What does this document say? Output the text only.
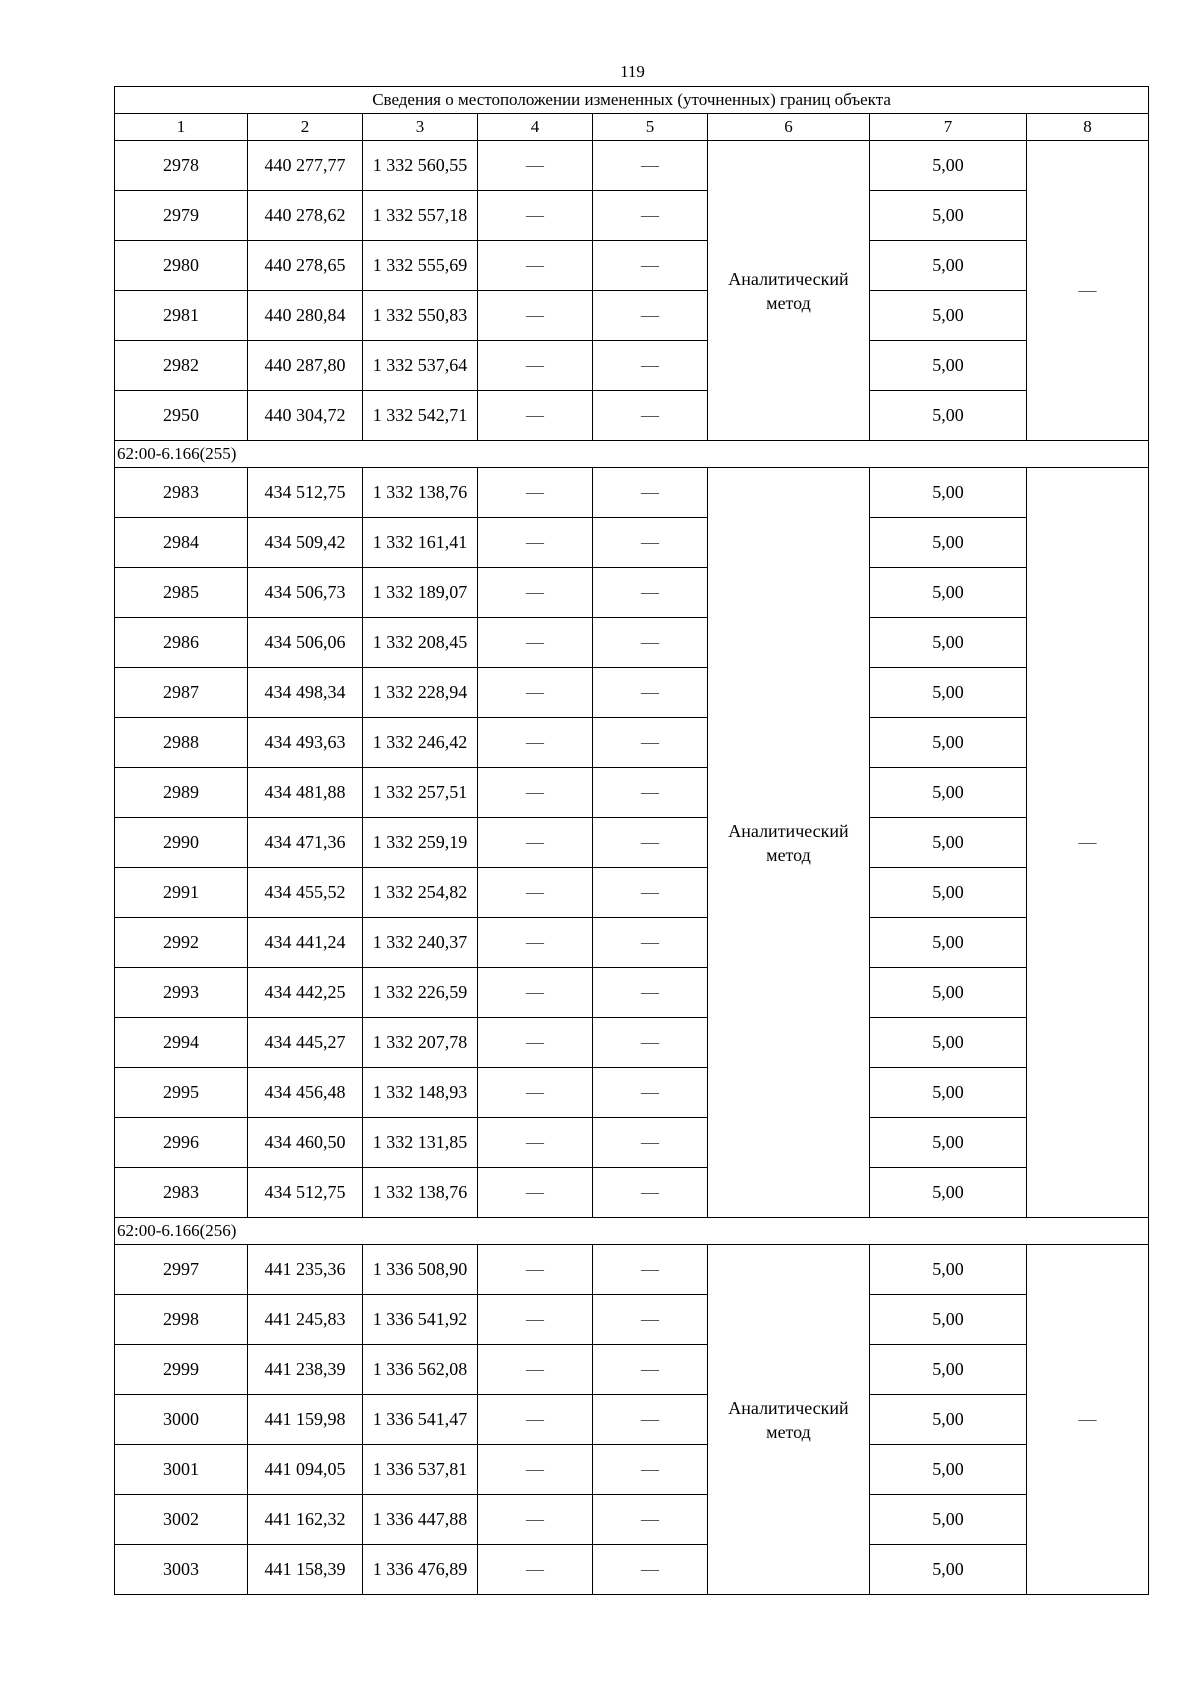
119
Сведения о местоположении измененных (уточненных) границ объекта							
1	2	3	4	5	6	7	8
2978	440 277,77	1 332 560,55	—	—	Аналитический метод	5,00	—
2979	440 278,62	1 332 557,18	—	—		5,00	
2980	440 278,65	1 332 555,69	—	—		5,00	
2981	440 280,84	1 332 550,83	—	—		5,00	
2982	440 287,80	1 332 537,64	—	—		5,00	
2950	440 304,72	1 332 542,71	—	—		5,00	
62:00-6.166(255)							
2983	434 512,75	1 332 138,76	—	—	Аналитический метод	5,00	—
2984	434 509,42	1 332 161,41	—	—		5,00	
2985	434 506,73	1 332 189,07	—	—		5,00	
2986	434 506,06	1 332 208,45	—	—		5,00	
2987	434 498,34	1 332 228,94	—	—		5,00	
2988	434 493,63	1 332 246,42	—	—		5,00	
2989	434 481,88	1 332 257,51	—	—		5,00	
2990	434 471,36	1 332 259,19	—	—		5,00	
2991	434 455,52	1 332 254,82	—	—		5,00	
2992	434 441,24	1 332 240,37	—	—		5,00	
2993	434 442,25	1 332 226,59	—	—		5,00	
2994	434 445,27	1 332 207,78	—	—		5,00	
2995	434 456,48	1 332 148,93	—	—		5,00	
2996	434 460,50	1 332 131,85	—	—		5,00	
2983	434 512,75	1 332 138,76	—	—		5,00	
62:00-6.166(256)							
2997	441 235,36	1 336 508,90	—	—	Аналитический метод	5,00	—
2998	441 245,83	1 336 541,92	—	—		5,00	
2999	441 238,39	1 336 562,08	—	—		5,00	
3000	441 159,98	1 336 541,47	—	—		5,00	
3001	441 094,05	1 336 537,81	—	—		5,00	
3002	441 162,32	1 336 447,88	—	—		5,00	
3003	441 158,39	1 336 476,89	—	—		5,00	
